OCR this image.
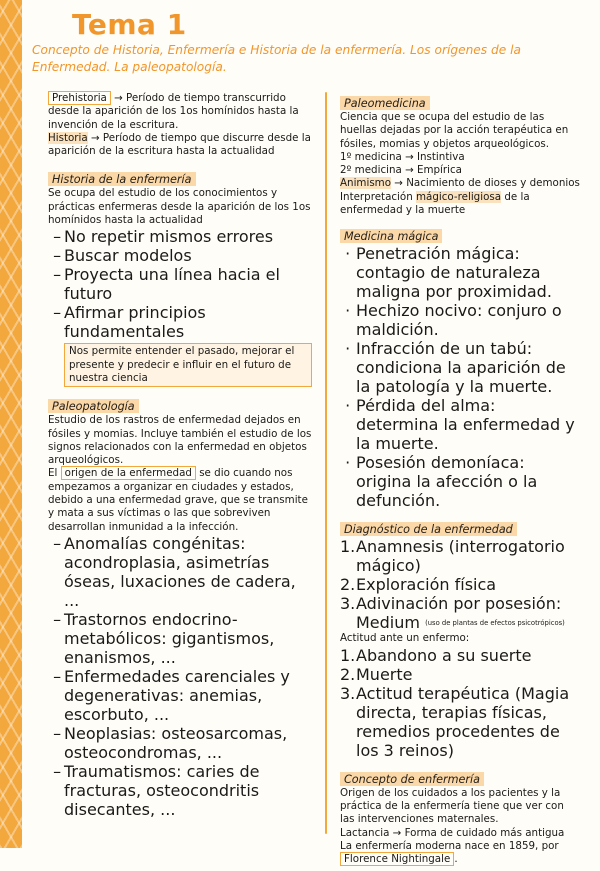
Tema 1
Concepto de Historia, Enfermería e Historia de la enfermería. Los orígenes de la Enfermedad. La paleopatología.

Prehistoria → Período de tiempo transcurrido desde la aparición de los 1os homínidos hasta la invención de la escritura.

Historia → Período de tiempo que discurre desde la aparición de la escritura hasta la actualidad

Historia de la enfermería

Se ocupa del estudio de los conocimientos y prácticas enfermeras desde la aparición de los 1os homínidos hasta la actualidad

– No repetir mismos errores
– Buscar modelos
– Proyecta una línea hacia el futuro
– Afirmar principios fundamentales

Nos permite entender el pasado, mejorar el presente y predecir e influir en el futuro de nuestra ciencia

Paleopatología

Estudio de los rastros de enfermedad dejados en fósiles y momias. Incluye también el estudio de los signos relacionados con la enfermedad en objetos arqueológicos.

El origen de la enfermedad se dio cuando nos empezamos a organizar en ciudades y estados, debido a una enfermedad grave, que se transmite y mata a sus víctimas o las que sobreviven desarrollan inmunidad a la infección.

– Anomalías congénitas: acondroplasia, asimetrías óseas, luxaciones de cadera, ...
– Trastornos endocrino-metabólicos: gigantismos, enanismos, ...
– Enfermedades carenciales y degenerativas: anemias, escorbuto, ...
– Neoplasias: osteosarcomas, osteocondromas, ...
– Traumatismos: caries de fracturas, osteocondritis disecantes, ...
Paleomedicina

Ciencia que se ocupa del estudio de las huellas dejadas por la acción terapéutica en fósiles, momias y objetos arqueológicos.

1º medicina → Instintiva

2º medicina → Empírica

Animismo → Nacimiento de dioses y demonios

Interpretación mágico-religiosa de la enfermedad y la muerte

Medicina mágica
· Penetración mágica: contagio de naturaleza maligna por proximidad.
· Hechizo nocivo: conjuro o maldición.
· Infracción de un tabú: condiciona la aparición de la patología y la muerte.
· Pérdida del alma: determina la enfermedad y la muerte.
· Posesión demoníaca: origina la afección o la defunción.
Diagnóstico de la enfermedad
1. Anamnesis (interrogatorio mágico)
2. Exploración física
3. Adivinación por posesión: Medium (uso de plantas de efectos psicotrópicos)

Actitud ante un enfermo:

1. Abandono a su suerte
2. Muerte
3. Actitud terapéutica (Magia directa, terapias físicas, remedios procedentes de los 3 reinos)
Concepto de enfermería

Origen de los cuidados a los pacientes y la práctica de la enfermería tiene que ver con las intervenciones maternales.

Lactancia → Forma de cuidado más antigua

La enfermería moderna nace en 1859, por Florence Nightingale .
